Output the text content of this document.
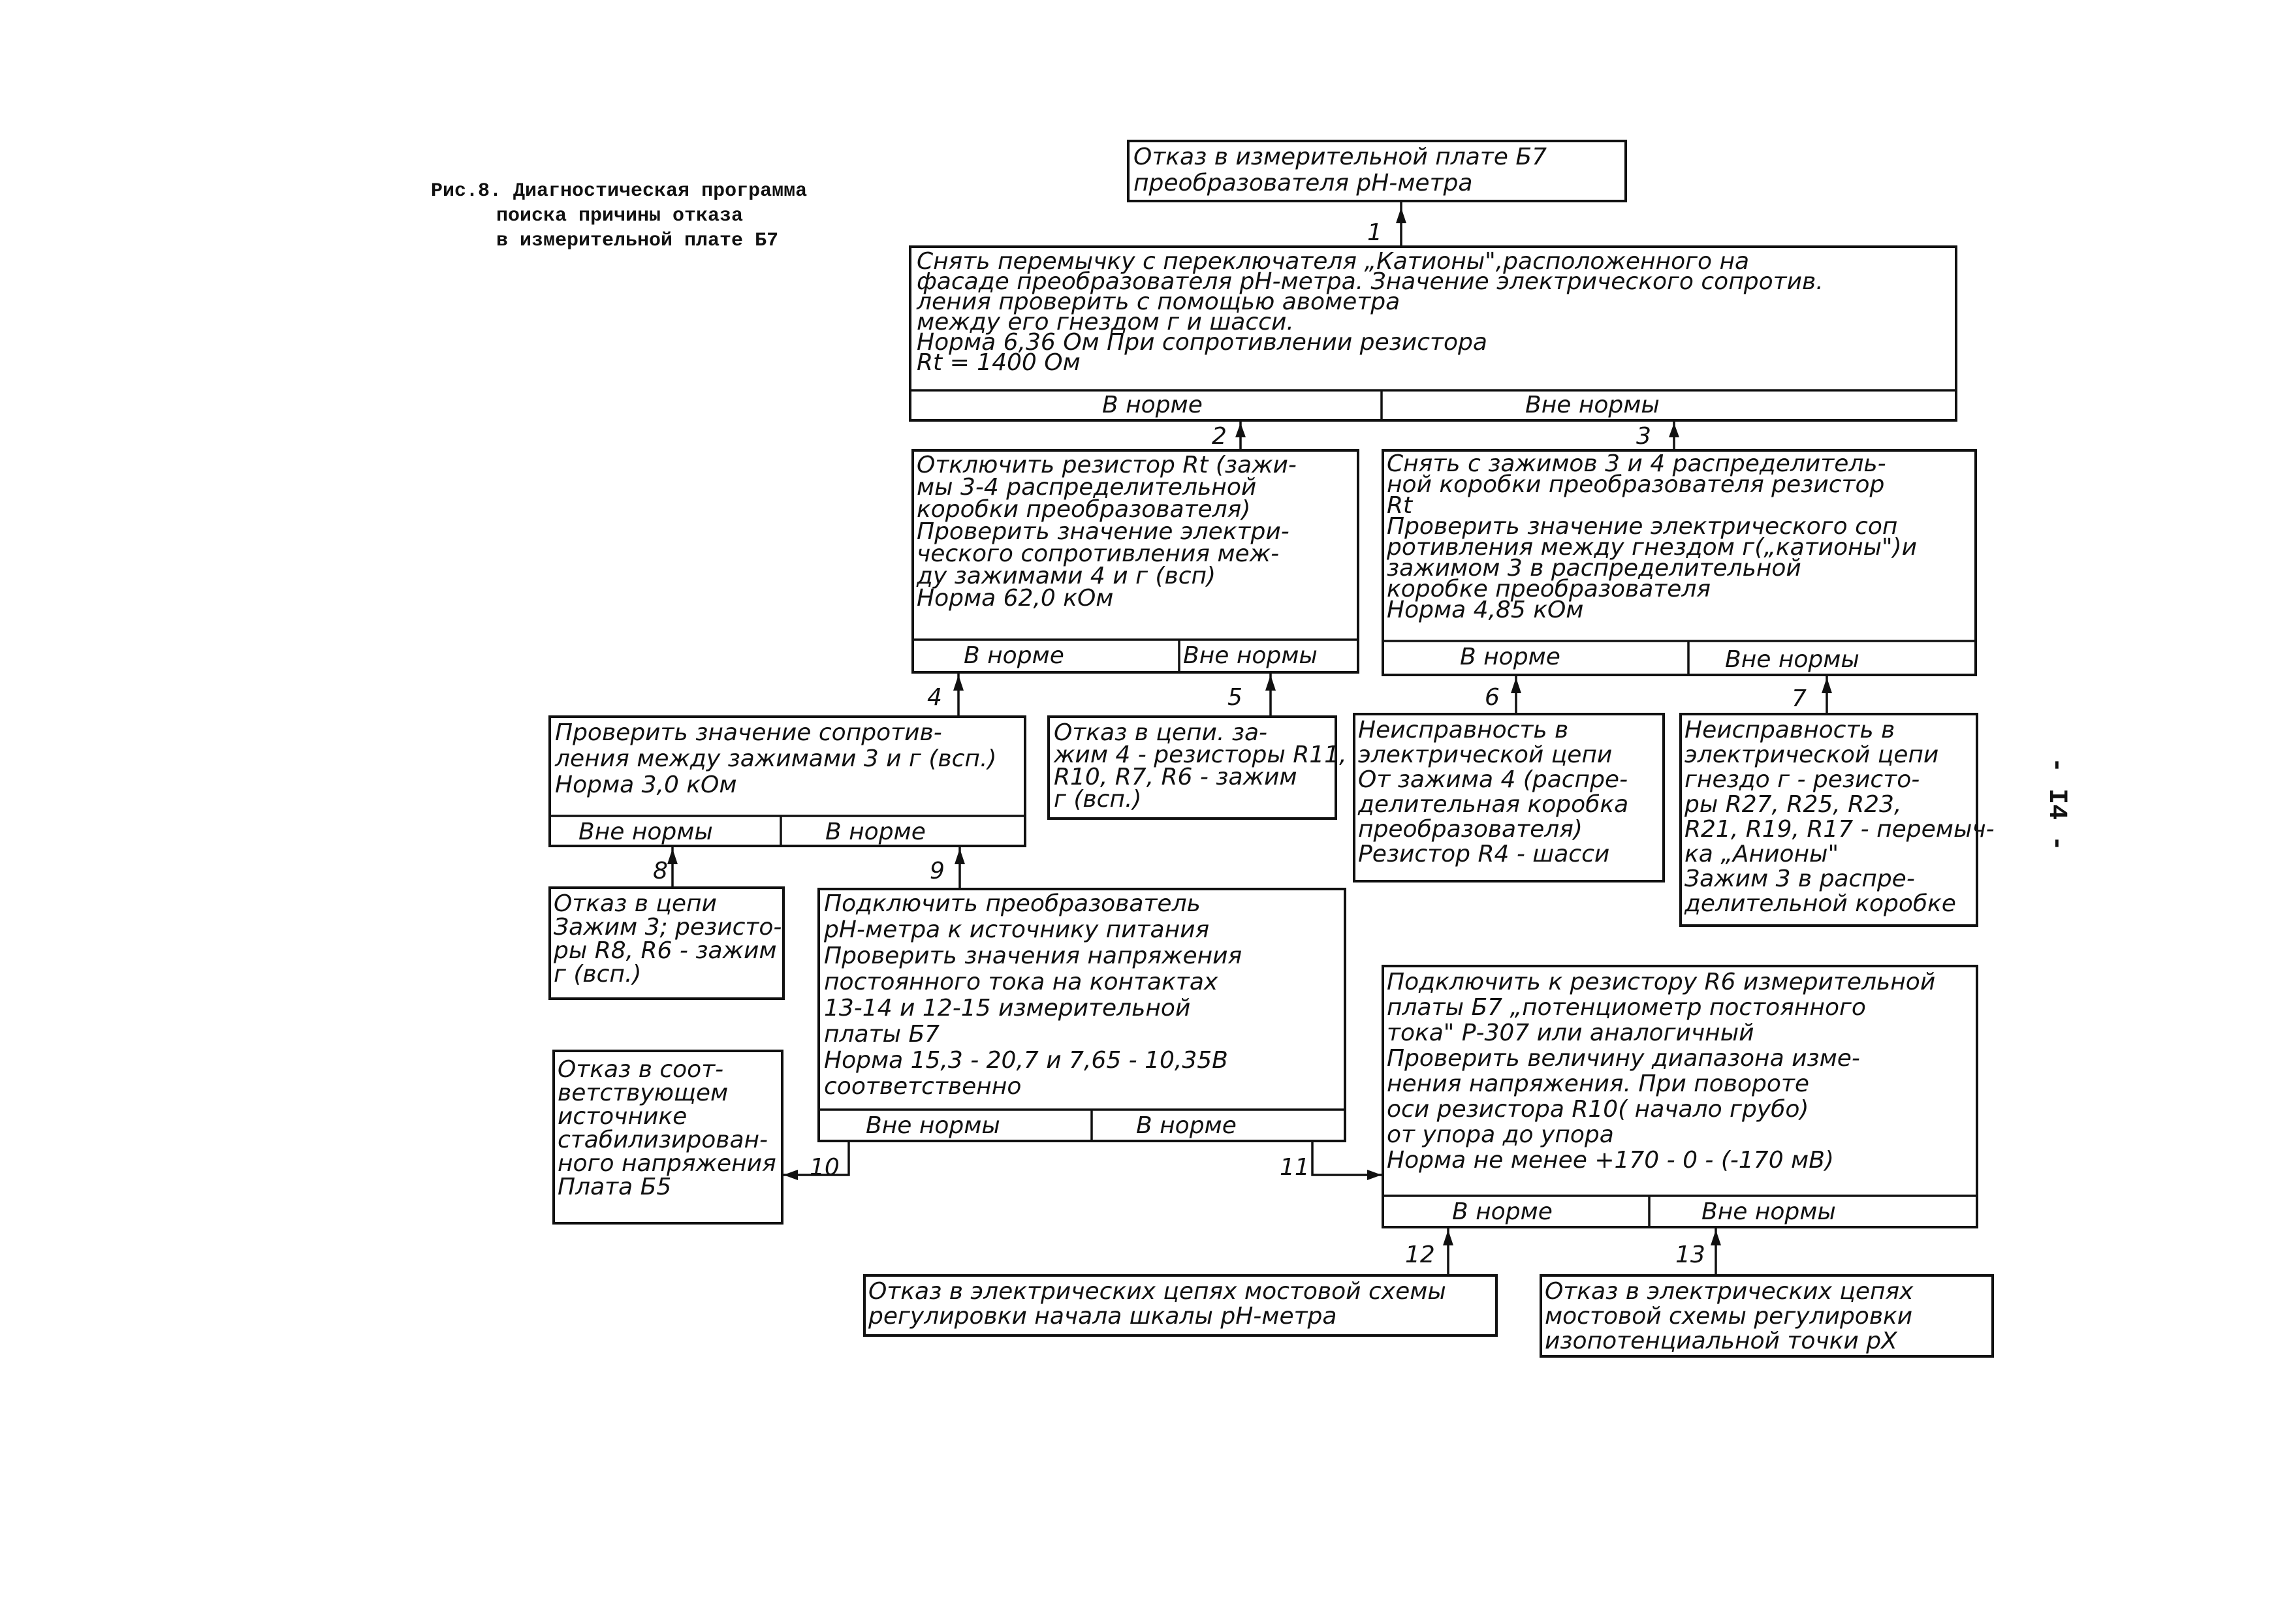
Рис.8. Диагностическая программа
поиска причины отказа
в измерительной плате Б7
- I4 -
Отказ в измерительной плате Б7
преобразователя рН-метра
1
Снять перемычку с переключателя „Катионы",расположенного на
фасаде преобразователя рН-метра. Значение электрического сопротив.
ления проверить с помощью авометра
между его гнездом г и шасси.
Норма 6,36 Ом При сопротивлении резистора
Rt = 1400 Ом
В норме	Вне нормы
2	3
Отключить резистор Rt (зажи-
мы 3-4 распределительной
коробки преобразователя)
Проверить значение электри-
ческого сопротивления меж-
ду зажимами 4 и г (всп)
Норма 62,0 кОм
В норме	Вне нормы
Снять с зажимов 3 и 4 распределитель-
ной коробки преобразователя резистор
Rt
Проверить значение электрического соп
ротивления между гнездом г(„катионы")и
зажимом 3 в распределительной
коробке преобразователя
Норма 4,85 кОм
В норме	Вне нормы
4	5	6	7
Проверить значение сопротив-
ления между зажимами 3 и г (всп.)
Норма 3,0 кОм
Вне нормы	В норме
Отказ в цепи. за-
жим 4 - резисторы R11,
R10, R7, R6 - зажим
г (всп.)
Неисправность в
электрической цепи
От зажима 4 (распре-
делительная коробка
преобразователя)
Резистор R4 - шасси
Неисправность в
электрической цепи
гнездо г - резисто-
ры R27, R25, R23,
R21, R19, R17 - перемыч-
ка „Анионы"
Зажим 3 в распре-
делительной коробке
8	9
Отказ в цепи
Зажим 3; резисто-
ры R8, R6 - зажим
г (всп.)
Подключить преобразователь
рН-метра к источнику питания
Проверить значения напряжения
постоянного тока на контактах
13-14 и 12-15 измерительной
платы Б7
Норма 15,3 - 20,7 и 7,65 - 10,35В
соответственно
Вне нормы	В норме
Отказ в соот-
ветствующем
источнике
стабилизирован-
ного напряжения
Плата Б5
10	11
Подключить к резистору R6 измерительной
платы Б7 „потенциометр постоянного
тока" Р-307 или аналогичный
Проверить величину диапазона изме-
нения напряжения. При повороте
оси резистора R10( начало грубо)
от упора до упора
Норма не менее +170 - 0 - (-170 мВ)
В норме	Вне нормы
12	13
Отказ в электрических цепях мостовой схемы
регулировки начала шкалы рН-метра
Отказ в электрических цепях
мостовой схемы регулировки
изопотенциальной точки рХ
